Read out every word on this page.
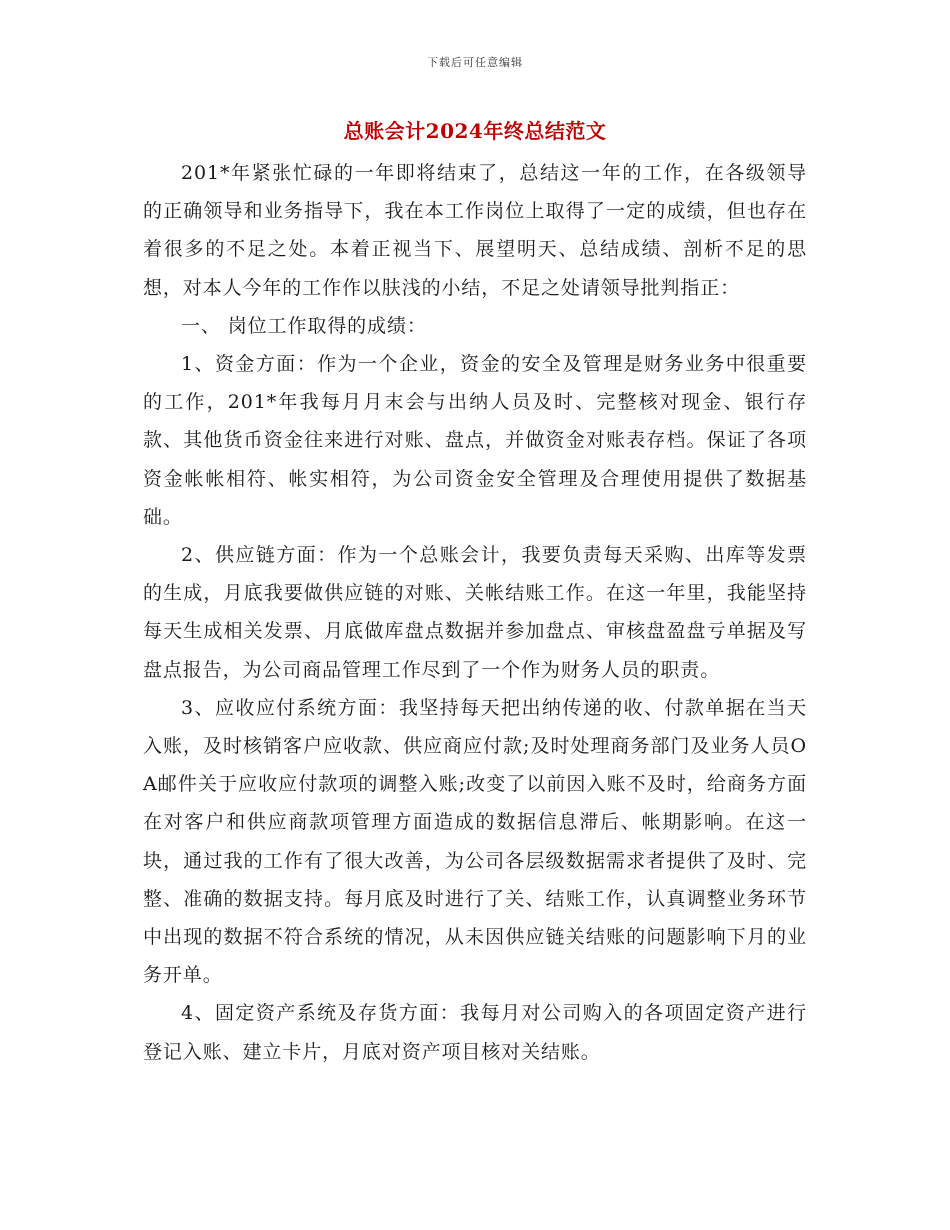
下载后可任意编辑
总账会计2024年终总结范文

201*年紧张忙碌的一年即将结束了，总结这一年的工作，在各级领导的正确领导和业务指导下，我在本工作岗位上取得了一定的成绩，但也存在着很多的不足之处。本着正视当下、展望明天、总结成绩、剖析不足的思想，对本人今年的工作作以肤浅的小结，不足之处请领导批判指正：

一、 岗位工作取得的成绩：

1、资金方面：作为一个企业，资金的安全及管理是财务业务中很重要的工作，201*年我每月月末会与出纳人员及时、完整核对现金、银行存款、其他货币资金往来进行对账、盘点，并做资金对账表存档。保证了各项资金帐帐相符、帐实相符，为公司资金安全管理及合理使用提供了数据基础。

2、供应链方面：作为一个总账会计，我要负责每天采购、出库等发票的生成，月底我要做供应链的对账、关帐结账工作。在这一年里，我能坚持每天生成相关发票、月底做库盘点数据并参加盘点、审核盘盈盘亏单据及写盘点报告，为公司商品管理工作尽到了一个作为财务人员的职责。

3、应收应付系统方面：我坚持每天把出纳传递的收、付款单据在当天入账，及时核销客户应收款、供应商应付款;及时处理商务部门及业务人员OA邮件关于应收应付款项的调整入账;改变了以前因入账不及时，给商务方面在对客户和供应商款项管理方面造成的数据信息滞后、帐期影响。在这一块，通过我的工作有了很大改善，为公司各层级数据需求者提供了及时、完整、准确的数据支持。每月底及时进行了关、结账工作，认真调整业务环节中出现的数据不符合系统的情况，从未因供应链关结账的问题影响下月的业务开单。

4、固定资产系统及存货方面：我每月对公司购入的各项固定资产进行登记入账、建立卡片，月底对资产项目核对关结账。
